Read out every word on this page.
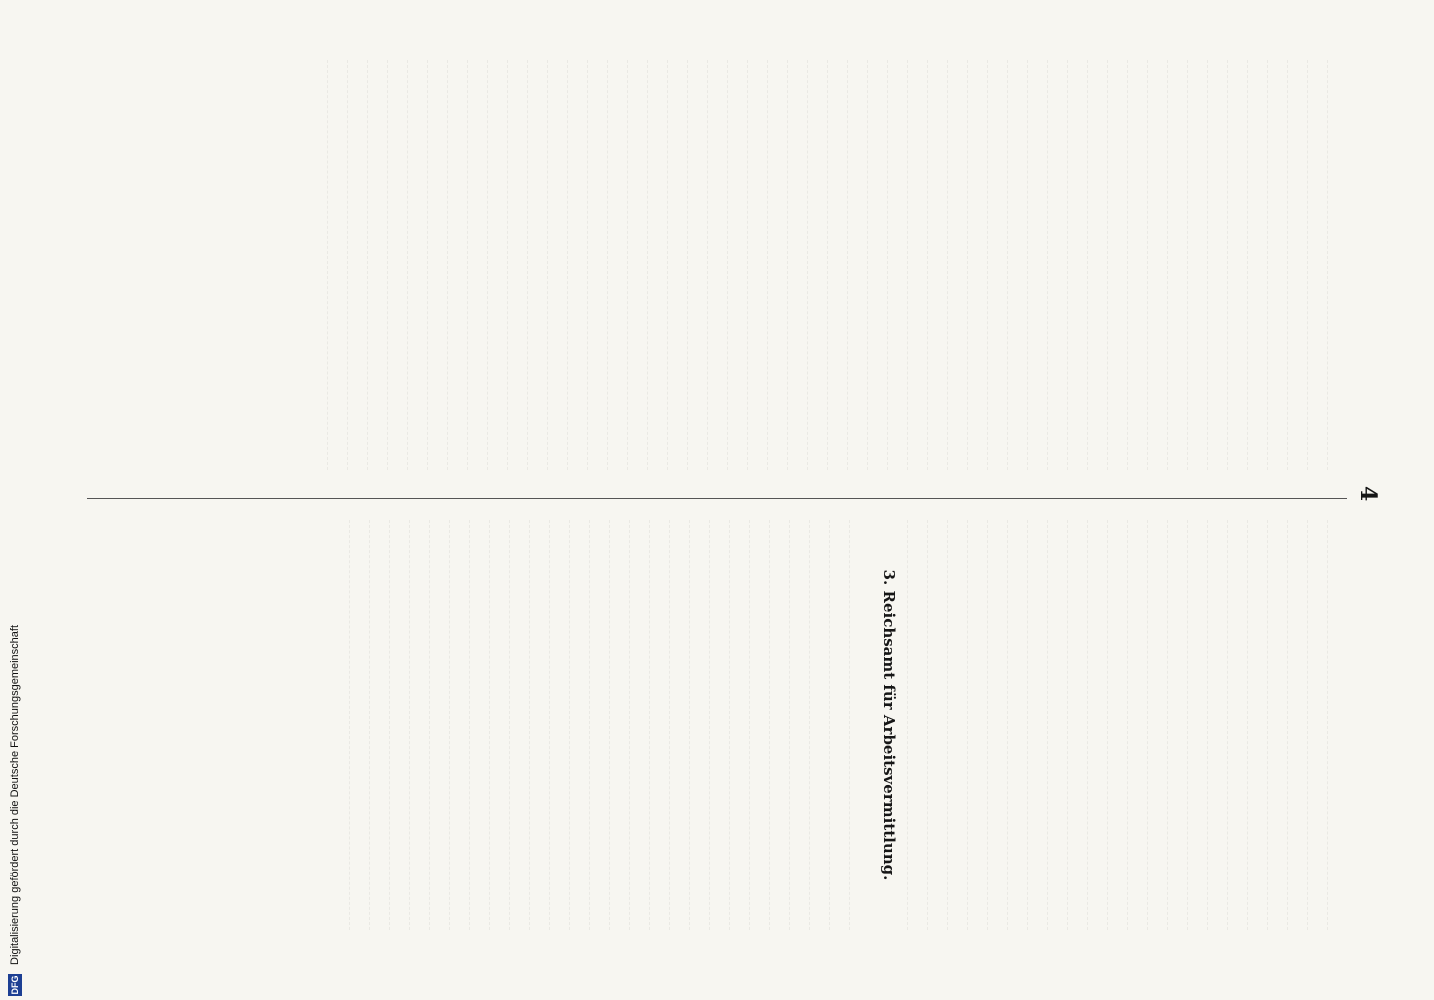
DFG Digitalisierung gefördert durch die Deutsche Forschungsgemeinschaft
4
3. Reichsamt für Arbeitsvermittlung.
